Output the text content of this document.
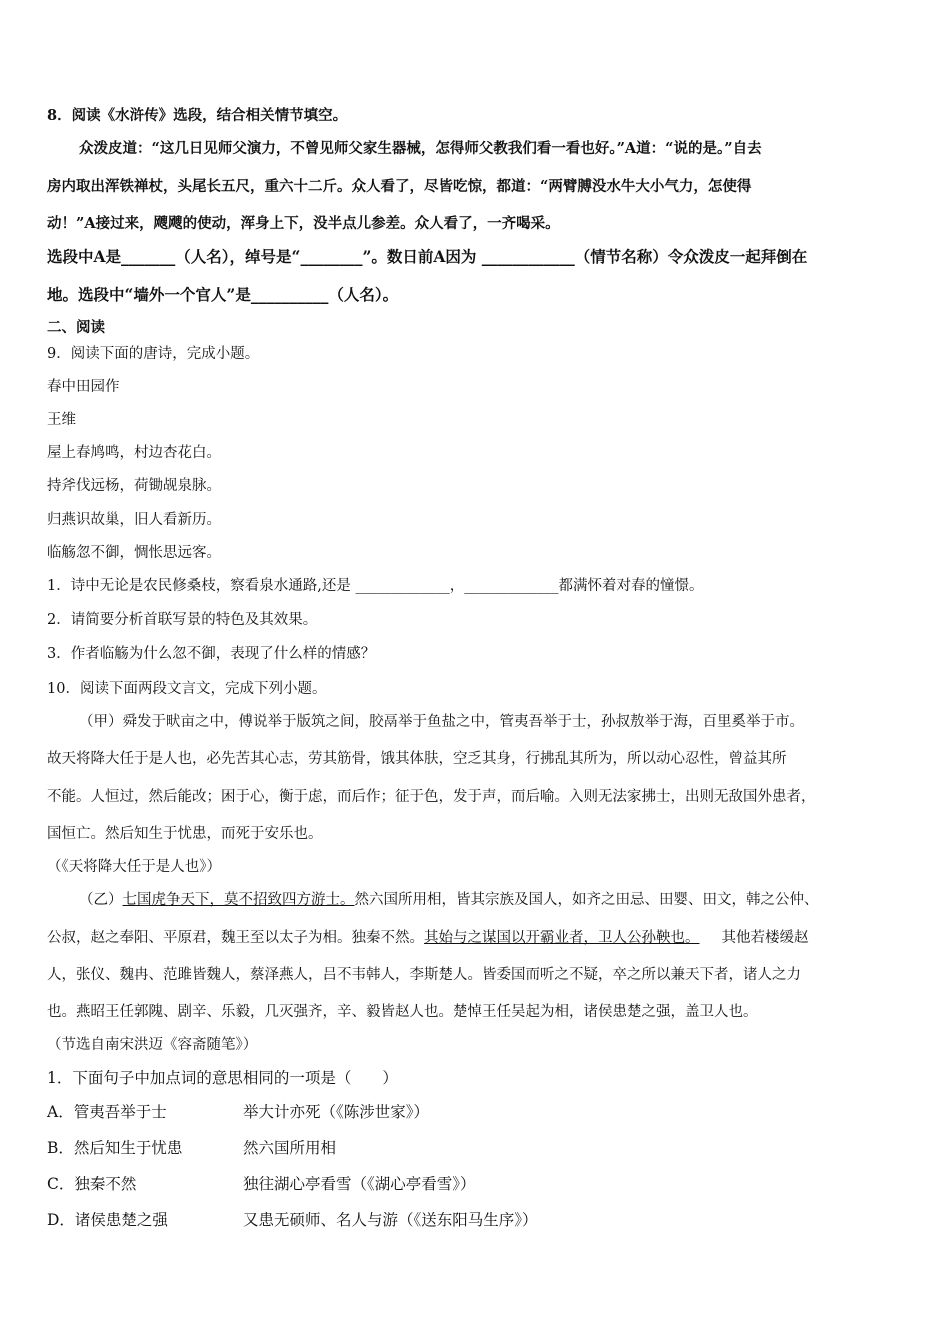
8．阅读《水浒传》选段，结合相关情节填空。
众泼皮道：“这几日见师父演力，不曾见师父家生器械，怎得师父教我们看一看也好。”A道：“说的是。”自去
房内取出浑铁禅杖，头尾长五尺，重六十二斤。众人看了，尽皆吃惊，都道：“两臂膊没水牛大小气力，怎使得
动！”A接过来，飕飕的使动，浑身上下，没半点儿参差。众人看了，一齐喝采。
选段中A是_______（人名），绰号是“________”。数日前A因为 ____________（情节名称）令众泼皮一起拜倒在
地。选段中“墙外一个官人”是__________（人名）。
二、阅读
9．阅读下面的唐诗，完成小题。
春中田园作
王维
屋上春鸠鸣，村边杏花白。
持斧伐远杨，荷锄觇泉脉。
归燕识故巢，旧人看新历。
临觞忽不御，惆怅思远客。
1．诗中无论是农民修桑枝，察看泉水通路,还是 _____________，_____________都满怀着对春的憧憬。
2．请简要分析首联写景的特色及其效果。
3．作者临觞为什么忽不御，表现了什么样的情感？
10．阅读下面两段文言文，完成下列小题。
（甲）舜发于畎亩之中，傅说举于版筑之间，胶鬲举于鱼盐之中，管夷吾举于士，孙叔敖举于海，百里奚举于市。
故天将降大任于是人也，必先苦其心志，劳其筋骨，饿其体肤，空乏其身，行拂乱其所为，所以动心忍性，曾益其所
不能。人恒过，然后能改；困于心，衡于虑，而后作；征于色，发于声，而后喻。入则无法家拂士，出则无敌国外患者，
国恒亡。然后知生于忧患，而死于安乐也。
（《天将降大任于是人也》）
（乙）七国虎争天下，莫不招致四方游士。然六国所用相，皆其宗族及国人，如齐之田忌、田婴、田文，韩之公仲、
公叔，赵之奉阳、平原君，魏王至以太子为相。独秦不然。其始与之谋国以开霸业者，卫人公孙鞅也。 其他若楼缓赵
人，张仪、魏冉、范雎皆魏人，蔡泽燕人，吕不韦韩人，李斯楚人。皆委国而听之不疑，卒之所以兼天下者，诸人之力
也。燕昭王任郭隗、剧辛、乐毅，几灭强齐，辛、毅皆赵人也。楚悼王任吴起为相，诸侯患楚之强，盖卫人也。
（节选自南宋洪迈《容斋随笔》）
1．下面句子中加点词的意思相同的一项是（　　）
A．管夷吾举于士	举大计亦死（《陈涉世家》）
B．然后知生于忧患	然六国所用相
C．独秦不然	独往湖心亭看雪（《湖心亭看雪》）
D．诸侯患楚之强	又患无硕师、名人与游（《送东阳马生序》）
